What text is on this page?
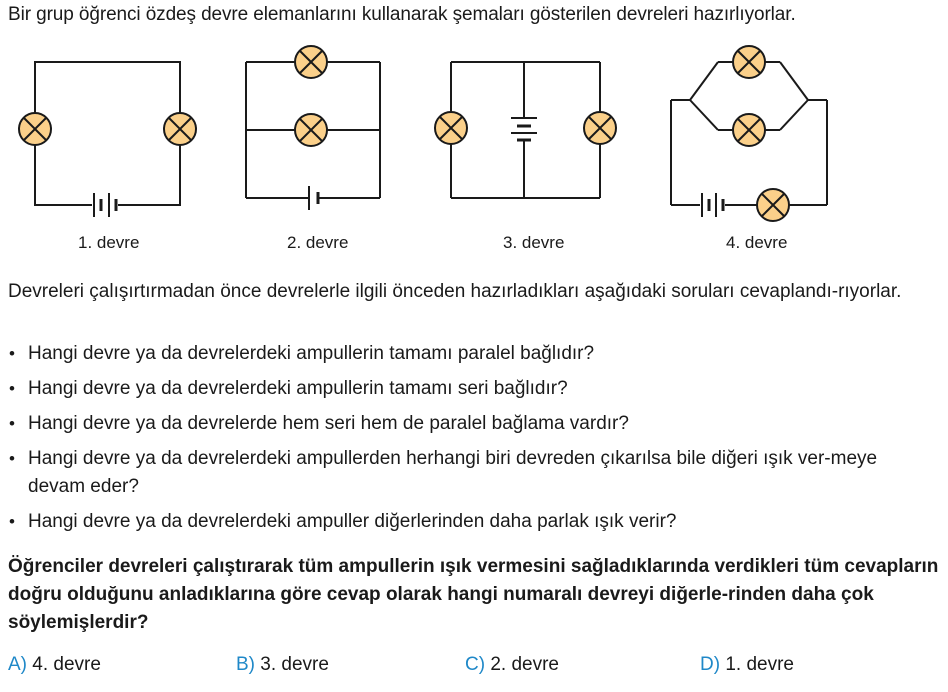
Bir grup öğrenci özdeş devre elemanlarını kullanarak şemaları gösterilen devreleri hazırlıyorlar.
1. devre	2. devre	3. devre	4. devre
Devreleri çalışırtırmadan önce devrelerle ilgili önceden hazırladıkları aşağıdaki soruları cevaplandı-rıyorlar.
• Hangi devre ya da devrelerdeki ampullerin tamamı paralel bağlıdır?
• Hangi devre ya da devrelerdeki ampullerin tamamı seri bağlıdır?
• Hangi devre ya da devrelerde hem seri hem de paralel bağlama vardır?
• Hangi devre ya da devrelerdeki ampullerden herhangi biri devreden çıkarılsa bile diğeri ışık ver-meye devam eder?
• Hangi devre ya da devrelerdeki ampuller diğerlerinden daha parlak ışık verir?
Öğrenciler devreleri çalıştırarak tüm ampullerin ışık vermesini sağladıklarında verdikleri tüm cevapların doğru olduğunu anladıklarına göre cevap olarak hangi numaralı devreyi diğerle-rinden daha çok söylemişlerdir?
A) 4. devre	B) 3. devre	C) 2. devre	D) 1. devre
